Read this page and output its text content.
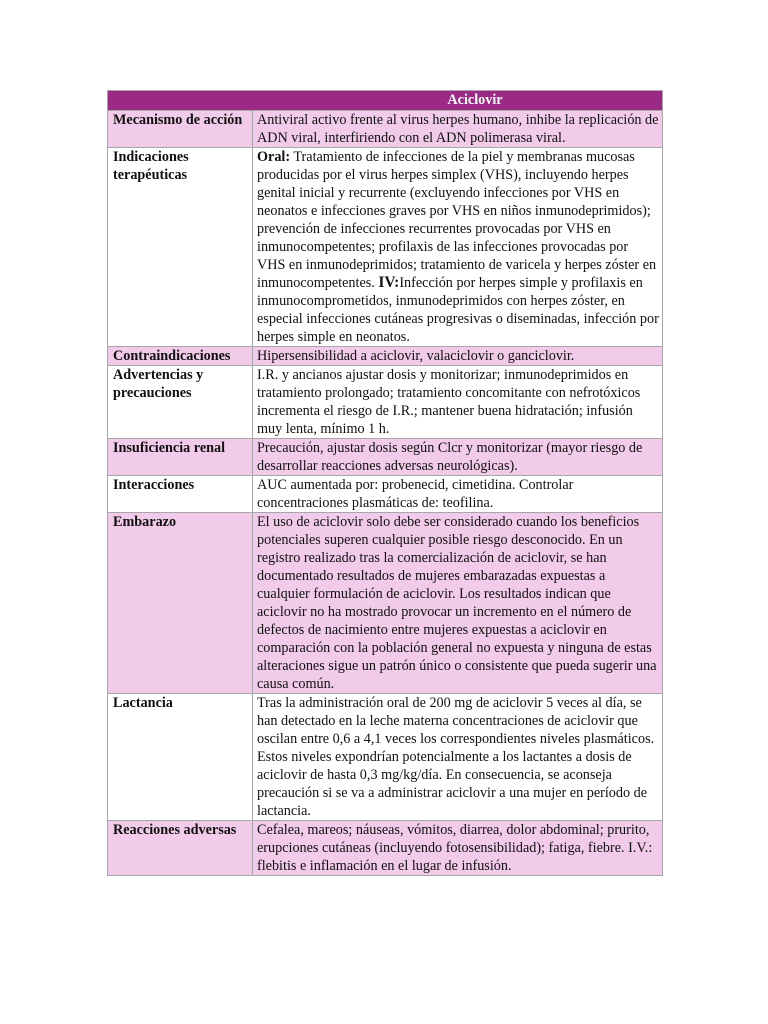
Aciclovir	
Mecanismo de acción	Antiviral activo frente al virus herpes humano, inhibe la replicación de ADN viral, interfiriendo con el ADN polimerasa viral.
Indicaciones terapéuticas	Oral: Tratamiento de infecciones de la piel y membranas mucosas producidas por el virus herpes simplex (VHS), incluyendo herpes genital inicial y recurrente (excluyendo infecciones por VHS en neonatos e infecciones graves por VHS en niños inmunodeprimidos); prevención de infecciones recurrentes provocadas por VHS en inmunocompetentes; profilaxis de las infecciones provocadas por VHS en inmunodeprimidos; tratamiento de varicela y herpes zóster en inmunocompetentes. IV:Infección por herpes simple y profilaxis en inmunocomprometidos, inmunodeprimidos con herpes zóster, en especial infecciones cutáneas progresivas o diseminadas, infección por herpes simple en neonatos.
Contraindicaciones	Hipersensibilidad a aciclovir, valaciclovir o ganciclovir.
Advertencias y precauciones	I.R. y ancianos ajustar dosis y monitorizar; inmunodeprimidos en tratamiento prolongado; tratamiento concomitante con nefrotóxicos incrementa el riesgo de I.R.; mantener buena hidratación; infusión muy lenta, mínimo 1 h.
Insuficiencia renal	Precaución, ajustar dosis según Clcr y monitorizar (mayor riesgo de desarrollar reacciones adversas neurológicas).
Interacciones	AUC aumentada por: probenecid, cimetidina. Controlar concentraciones plasmáticas de: teofilina.
Embarazo	El uso de aciclovir solo debe ser considerado cuando los beneficios potenciales superen cualquier posible riesgo desconocido. En un registro realizado tras la comercialización de aciclovir, se han documentado resultados de mujeres embarazadas expuestas a cualquier formulación de aciclovir. Los resultados indican que aciclovir no ha mostrado provocar un incremento en el número de defectos de nacimiento entre mujeres expuestas a aciclovir en comparación con la población general no expuesta y ninguna de estas alteraciones sigue un patrón único o consistente que pueda sugerir una causa común.
Lactancia	Tras la administración oral de 200 mg de aciclovir 5 veces al día, se han detectado en la leche materna concentraciones de aciclovir que oscilan entre 0,6 a 4,1 veces los correspondientes niveles plasmáticos. Estos niveles expondrían potencialmente a los lactantes a dosis de aciclovir de hasta 0,3 mg/kg/día. En consecuencia, se aconseja precaución si se va a administrar aciclovir a una mujer en período de lactancia.
Reacciones adversas	Cefalea, mareos; náuseas, vómitos, diarrea, dolor abdominal; prurito, erupciones cutáneas (incluyendo fotosensibilidad); fatiga, fiebre. I.V.: flebitis e inflamación en el lugar de infusión.
